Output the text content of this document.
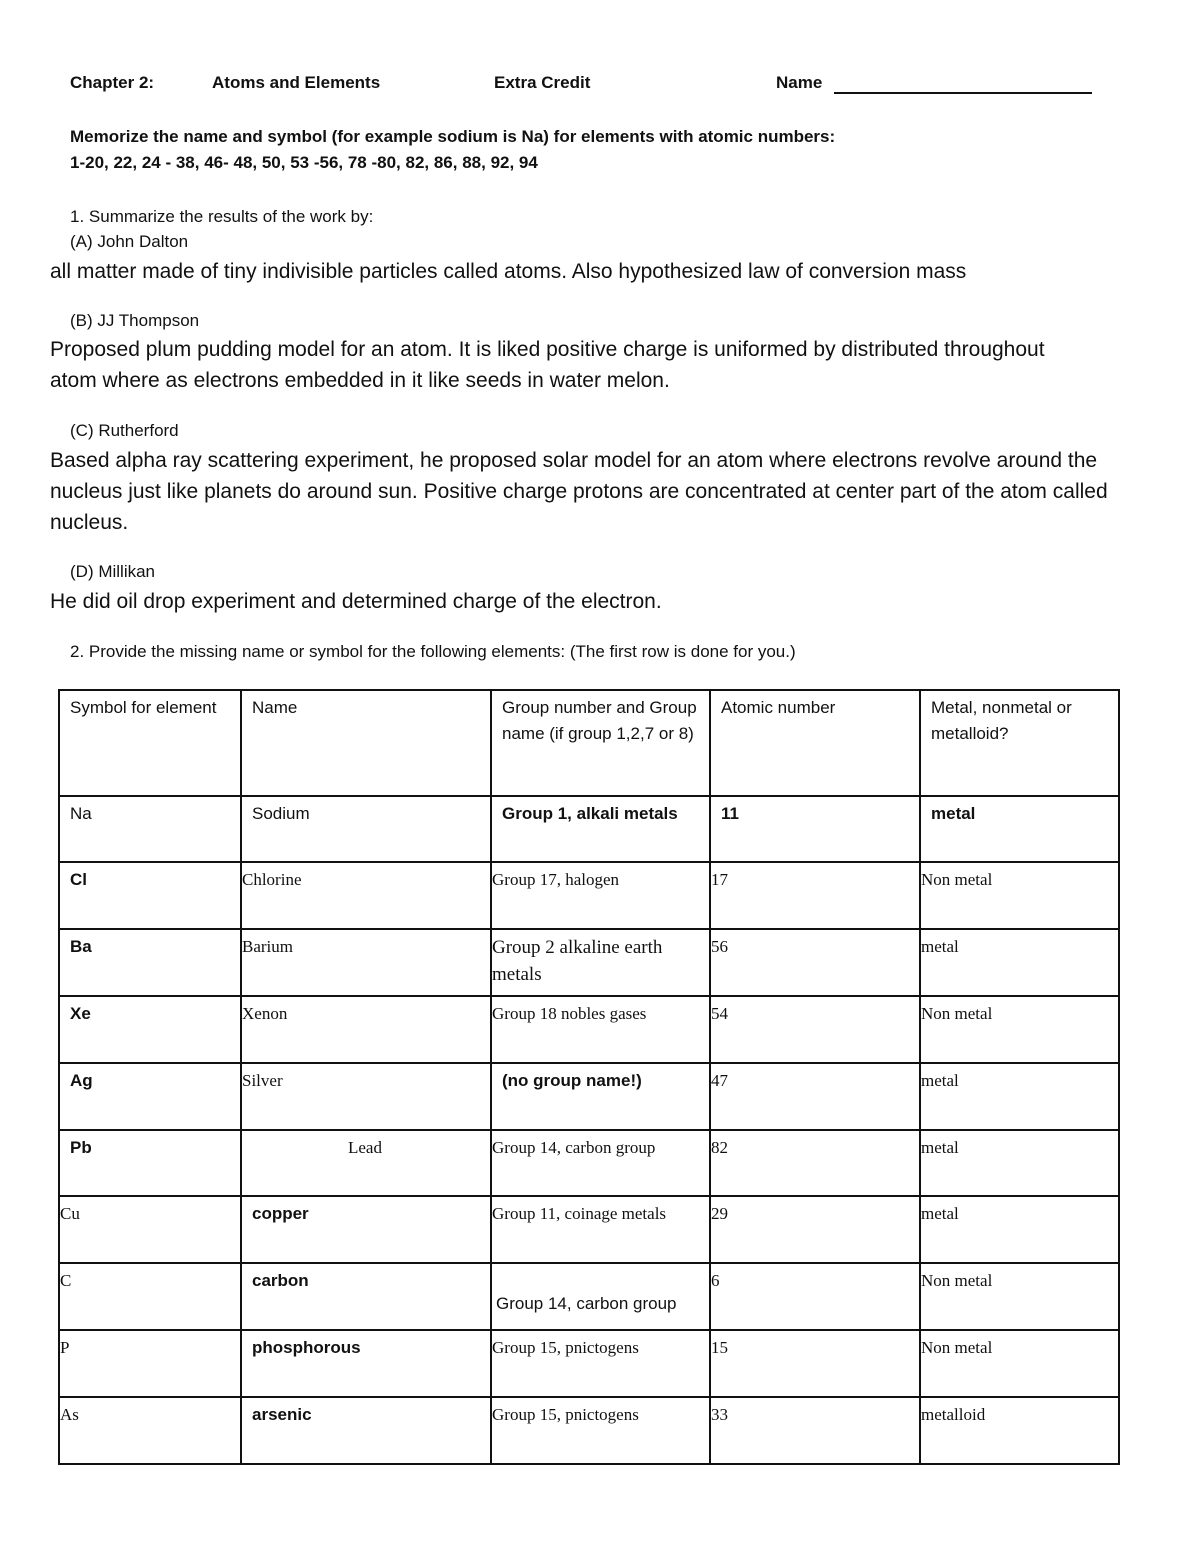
Chapter 2:	Atoms and Elements	Extra Credit	Name
Memorize the name and symbol (for example sodium is Na) for elements with atomic numbers:
1-20, 22, 24 - 38, 46- 48, 50, 53 -56, 78 -80, 82, 86, 88, 92, 94
1. Summarize the results of the work by:
(A) John Dalton
all matter made of tiny indivisible particles called atoms. Also hypothesized law of conversion mass
(B) JJ Thompson
Proposed plum pudding model for an atom. It is liked positive charge is uniformed by distributed throughout atom where as electrons embedded in it like seeds in water melon.
(C) Rutherford
Based alpha ray scattering experiment, he proposed solar model for an atom where electrons revolve around the nucleus just like planets do around sun. Positive charge protons are concentrated at center part of the atom called nucleus.
(D) Millikan
He did oil drop experiment and determined charge of the electron.
2. Provide the missing name or symbol for the following elements: (The first row is done for you.)
Symbol for element	Name	Group number and Group name (if group 1,2,7 or 8)	Atomic number	Metal, nonmetal or metalloid?
Na	Sodium	Group 1, alkali metals	11	metal
Cl	Chlorine	Group 17, halogen	17	Non metal
Ba	Barium	Group 2 alkaline earth metals	56	metal
Xe	Xenon	Group 18 nobles gases	54	Non metal
Ag	Silver	(no group name!)	47	metal
Pb	Lead	Group 14, carbon group	82	metal
Cu	copper	Group 11, coinage metals	29	metal
C	carbon	Group 14, carbon group	6	Non metal
P	phosphorous	Group 15, pnictogens	15	Non metal
As	arsenic	Group 15, pnictogens	33	metalloid
